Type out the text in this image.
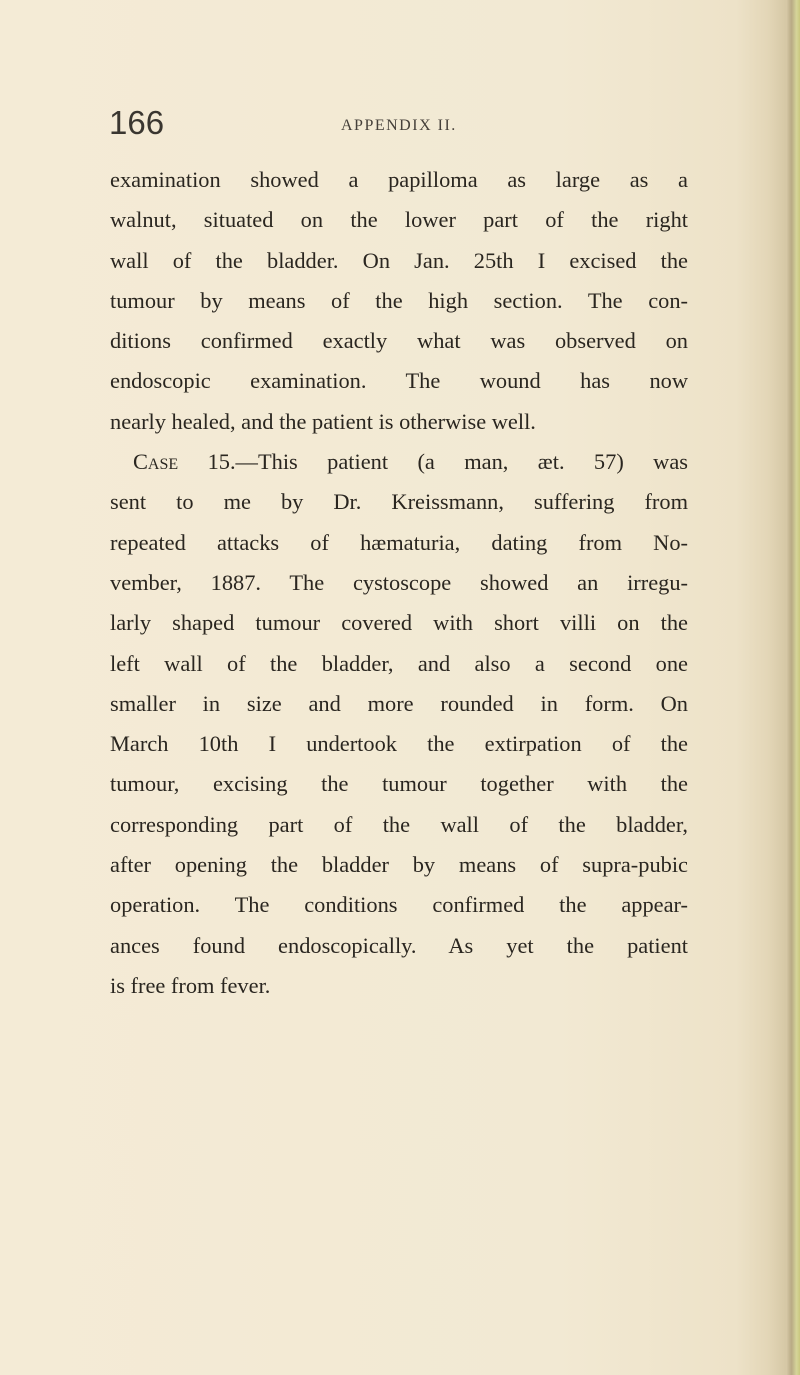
166	APPENDIX II.
examination showed a papilloma as large as a
walnut, situated on the lower part of the right
wall of the bladder. On Jan. 25th I excised the
tumour by means of the high section. The con-
ditions confirmed exactly what was observed on
endoscopic examination. The wound has now
nearly healed, and the patient is otherwise well.
Case 15.—This patient (a man, æt. 57) was
sent to me by Dr. Kreissmann, suffering from
repeated attacks of hæmaturia, dating from No-
vember, 1887. The cystoscope showed an irregu-
larly shaped tumour covered with short villi on the
left wall of the bladder, and also a second one
smaller in size and more rounded in form. On
March 10th I undertook the extirpation of the
tumour, excising the tumour together with the
corresponding part of the wall of the bladder,
after opening the bladder by means of supra-pubic
operation. The conditions confirmed the appear-
ances found endoscopically. As yet the patient
is free from fever.
